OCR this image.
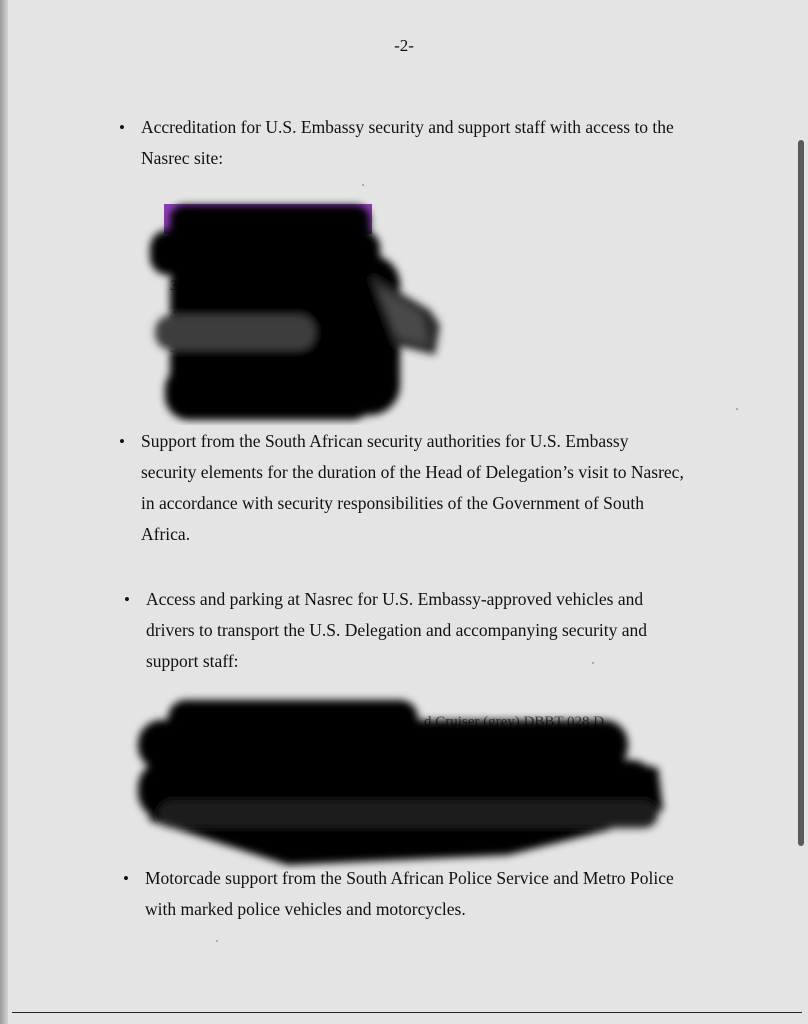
-2-
• Accreditation for U.S. Embassy security and support staff with access to the
Nasrec site:
• Support from the South African security authorities for U.S. Embassy
security elements for the duration of the Head of Delegation’s visit to Nasrec,
in accordance with security responsibilities of the Government of South
Africa.
• Access and parking at Nasrec for U.S. Embassy-approved vehicles and
drivers to transport the U.S. Delegation and accompanying security and
support staff:
• Motorcade support from the South African Police Service and Metro Police
with marked police vehicles and motorcycles.
